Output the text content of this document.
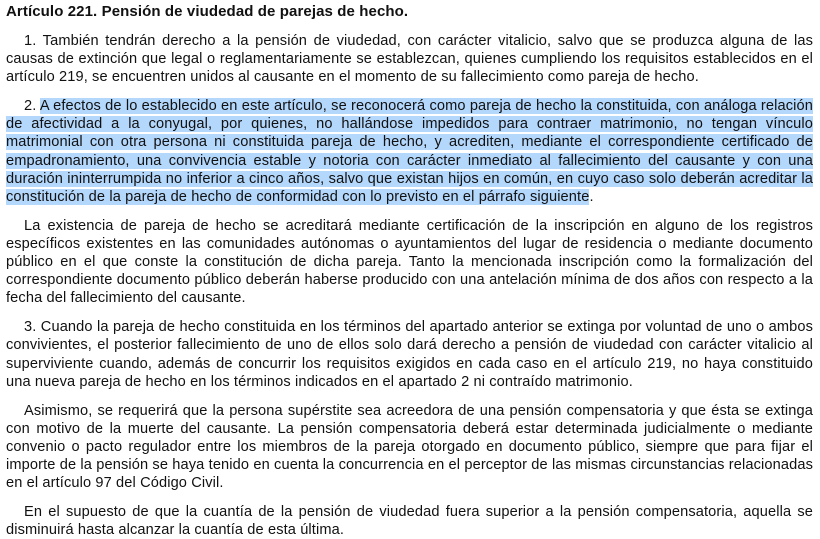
Artículo 221. Pensión de viudedad de parejas de hecho.

1. También tendrán derecho a la pensión de viudedad, con carácter vitalicio, salvo que se produzca alguna de las causas de extinción que legal o reglamentariamente se establezcan, quienes cumpliendo los requisitos establecidos en el artículo 219, se encuentren unidos al causante en el momento de su fallecimiento como pareja de hecho.

2. A efectos de lo establecido en este artículo, se reconocerá como pareja de hecho la constituida, con análoga relación de afectividad a la conyugal, por quienes, no hallándose impedidos para contraer matrimonio, no tengan vínculo matrimonial con otra persona ni constituida pareja de hecho, y acrediten, mediante el correspondiente certificado de empadronamiento, una convivencia estable y notoria con carácter inmediato al fallecimiento del causante y con una duración ininterrumpida no inferior a cinco años, salvo que existan hijos en común, en cuyo caso solo deberán acreditar la constitución de la pareja de hecho de conformidad con lo previsto en el párrafo siguiente.

La existencia de pareja de hecho se acreditará mediante certificación de la inscripción en alguno de los registros específicos existentes en las comunidades autónomas o ayuntamientos del lugar de residencia o mediante documento público en el que conste la constitución de dicha pareja. Tanto la mencionada inscripción como la formalización del correspondiente documento público deberán haberse producido con una antelación mínima de dos años con respecto a la fecha del fallecimiento del causante.

3. Cuando la pareja de hecho constituida en los términos del apartado anterior se extinga por voluntad de uno o ambos convivientes, el posterior fallecimiento de uno de ellos solo dará derecho a pensión de viudedad con carácter vitalicio al superviviente cuando, además de concurrir los requisitos exigidos en cada caso en el artículo 219, no haya constituido una nueva pareja de hecho en los términos indicados en el apartado 2 ni contraído matrimonio.

Asimismo, se requerirá que la persona supérstite sea acreedora de una pensión compensatoria y que ésta se extinga con motivo de la muerte del causante. La pensión compensatoria deberá estar determinada judicialmente o mediante convenio o pacto regulador entre los miembros de la pareja otorgado en documento público, siempre que para fijar el importe de la pensión se haya tenido en cuenta la concurrencia en el perceptor de las mismas circunstancias relacionadas en el artículo 97 del Código Civil.

En el supuesto de que la cuantía de la pensión de viudedad fuera superior a la pensión compensatoria, aquella se disminuirá hasta alcanzar la cuantía de esta última.
